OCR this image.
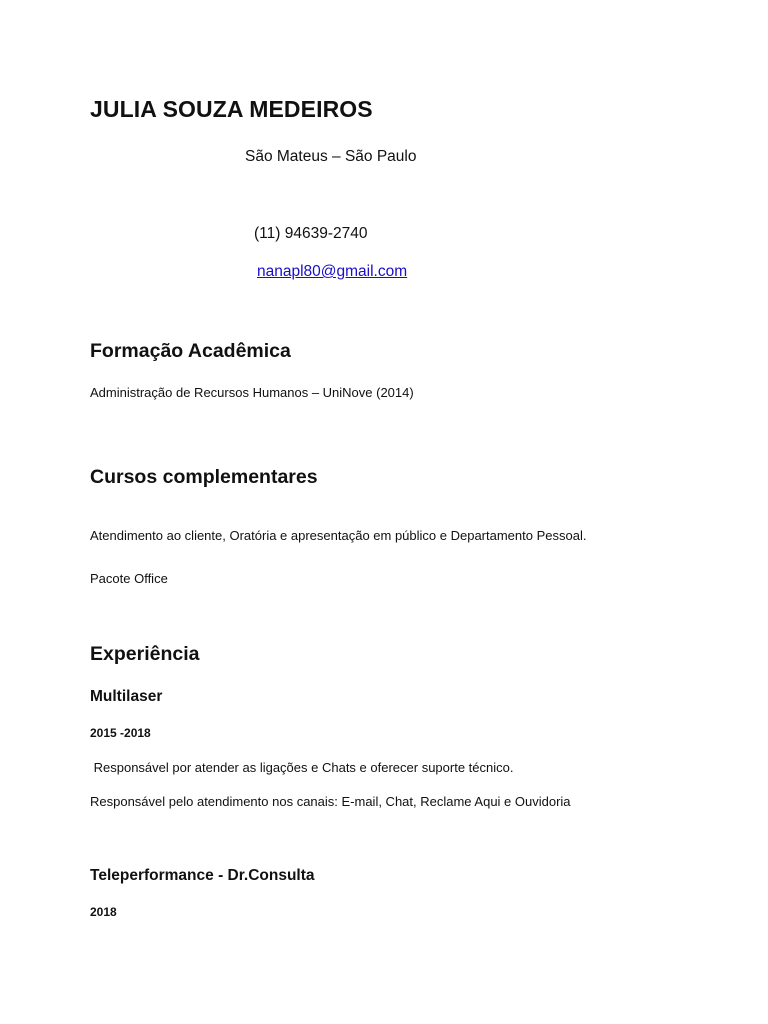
JULIA SOUZA MEDEIROS
São Mateus – São Paulo
(11) 94639-2740
nanapl80@gmail.com
Formação Acadêmica
Administração de Recursos Humanos – UniNove (2014)
Cursos complementares
Atendimento ao cliente, Oratória e apresentação em público e Departamento Pessoal.
Pacote Office
Experiência
Multilaser
2015 -2018
Responsável por atender as ligações e Chats e oferecer suporte técnico.
Responsável pelo atendimento nos canais: E-mail, Chat, Reclame Aqui e Ouvidoria
Teleperformance - Dr.Consulta
2018
